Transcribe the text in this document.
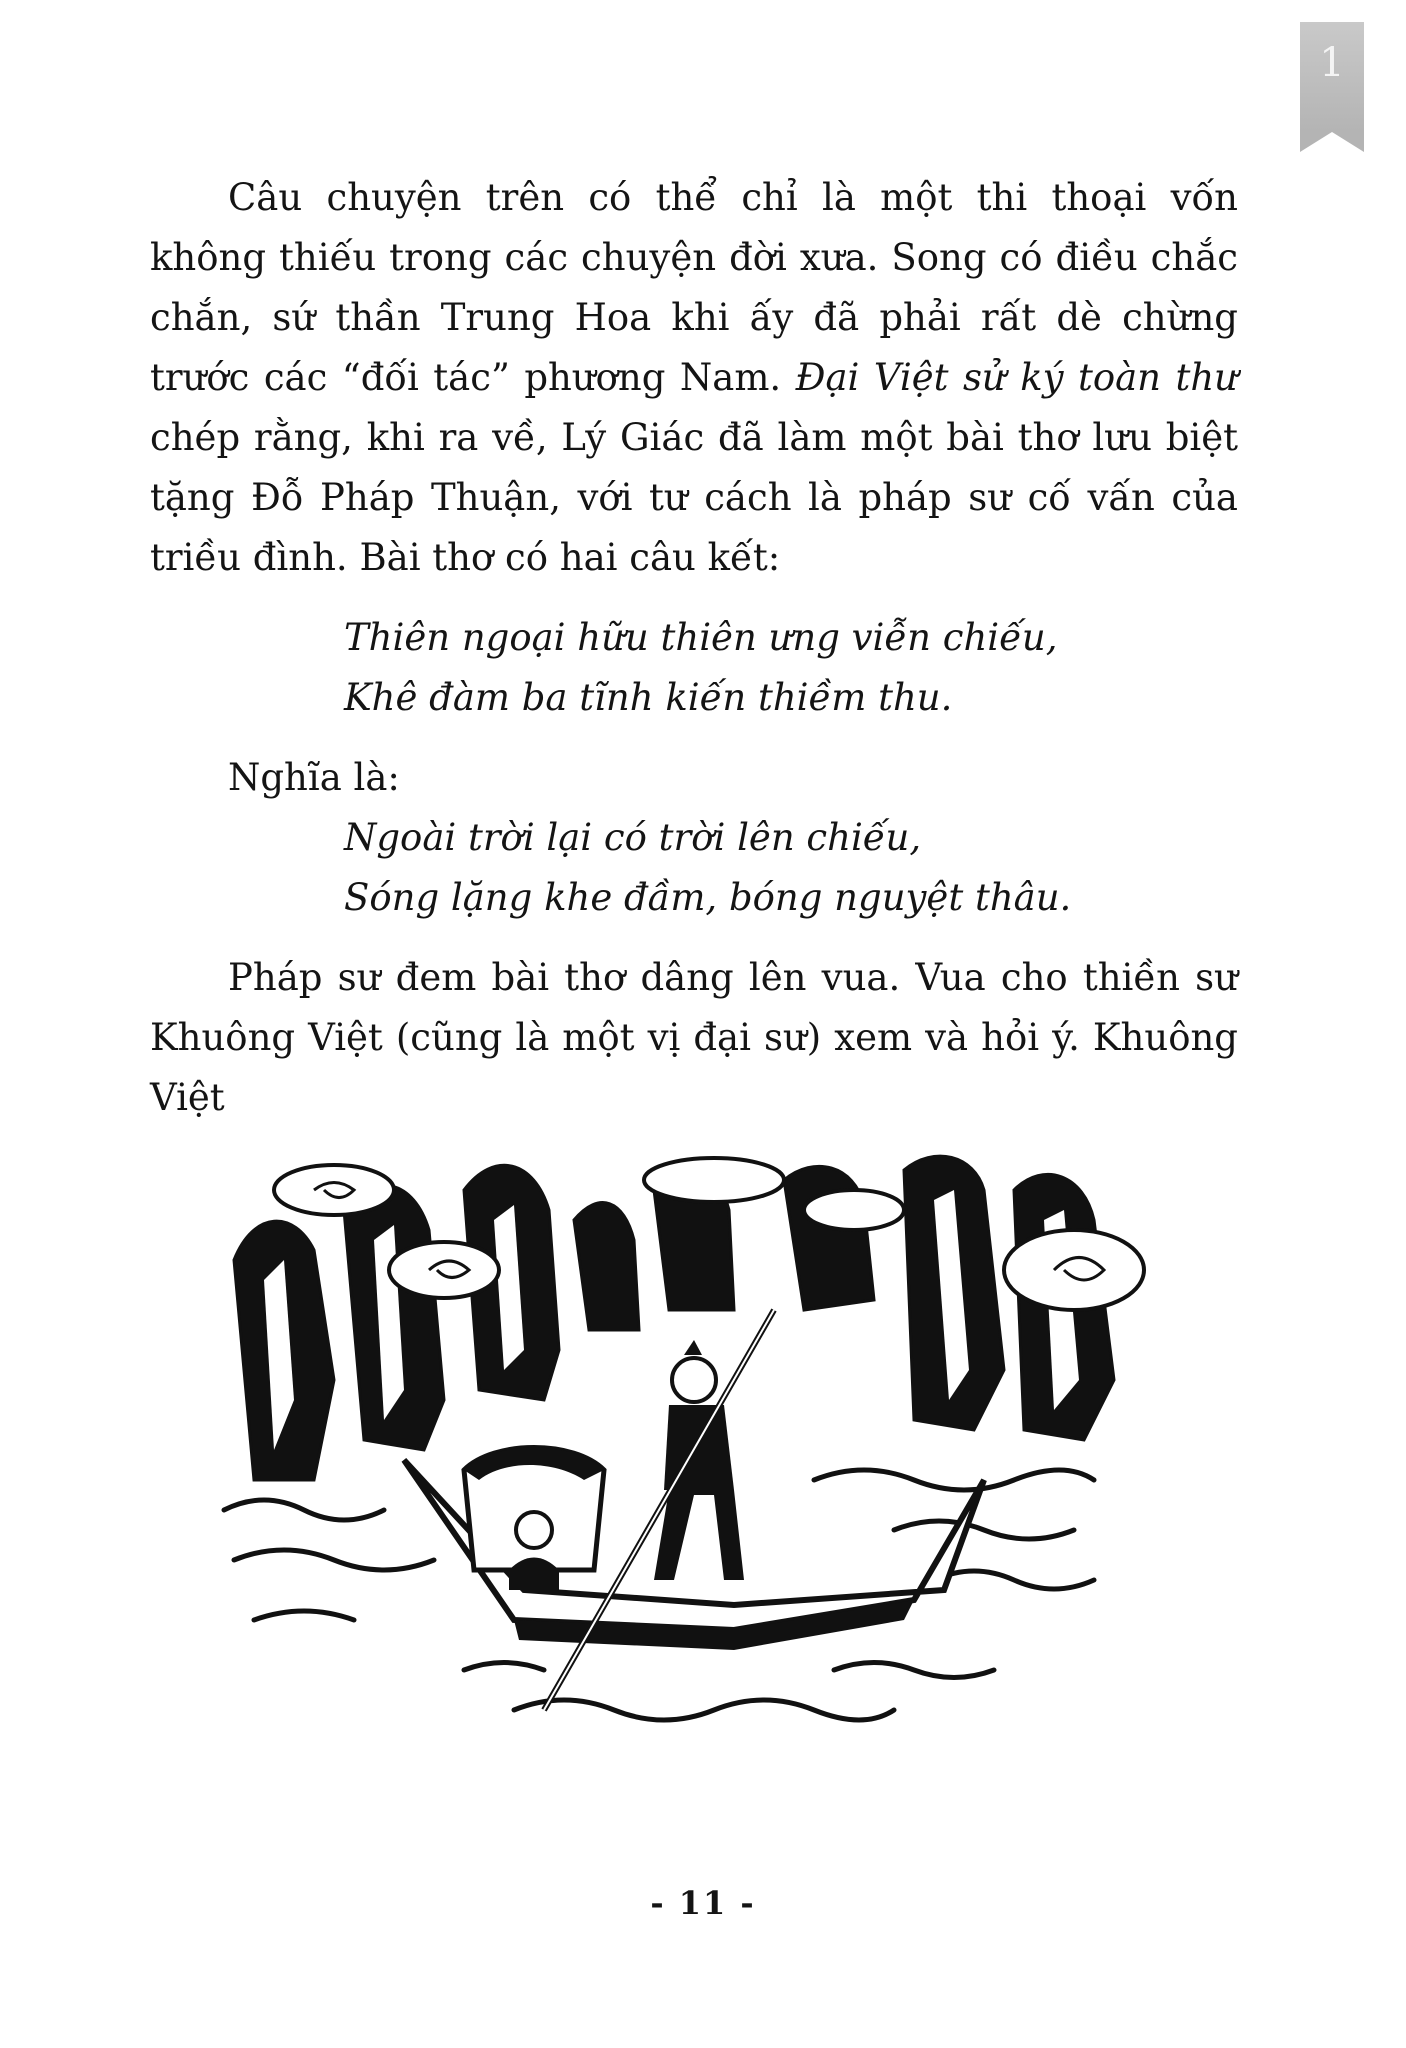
1

Câu chuyện trên có thể chỉ là một thi thoại vốn không thiếu trong các chuyện đời xưa. Song có điều chắc chắn, sứ thần Trung Hoa khi ấy đã phải rất dè chừng trước các “đối tác” phương Nam. Đại Việt sử ký toàn thư chép rằng, khi ra về, Lý Giác đã làm một bài thơ lưu biệt tặng Đỗ Pháp Thuận, với tư cách là pháp sư cố vấn của triều đình. Bài thơ có hai câu kết:

Thiên ngoại hữu thiên ưng viễn chiếu,
Khê đàm ba tĩnh kiến thiềm thu.
Nghĩa là:
Ngoài trời lại có trời lên chiếu,
Sóng lặng khe đầm, bóng nguyệt thâu.

Pháp sư đem bài thơ dâng lên vua. Vua cho thiền sư Khuông Việt (cũng là một vị đại sư) xem và hỏi ý. Khuông Việt

- 11 -
